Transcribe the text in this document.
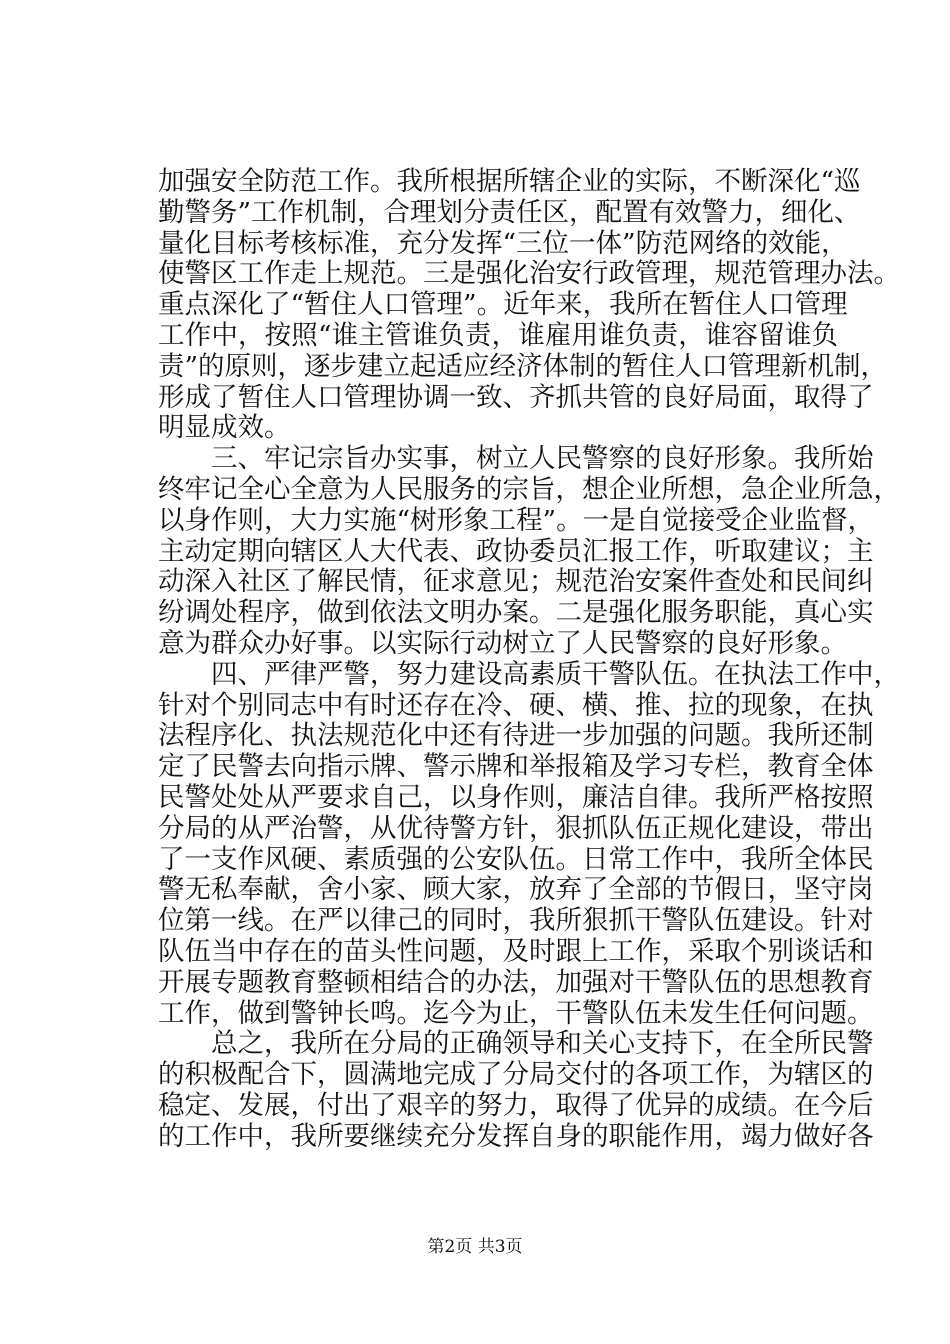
加强安全防范工作。我所根据所辖企业的实际，不断深化“巡
勤警务”工作机制，合理划分责任区，配置有效警力，细化、
量化目标考核标准，充分发挥“三位一体”防范网络的效能，
使警区工作走上规范。三是强化治安行政管理，规范管理办法。
重点深化了“暂住人口管理”。近年来，我所在暂住人口管理
工作中，按照“谁主管谁负责，谁雇用谁负责，谁容留谁负
责”的原则，逐步建立起适应经济体制的暂住人口管理新机制，
形成了暂住人口管理协调一致、齐抓共管的良好局面，取得了
明显成效。
三、牢记宗旨办实事，树立人民警察的良好形象。我所始
终牢记全心全意为人民服务的宗旨，想企业所想，急企业所急，
以身作则，大力实施“树形象工程”。一是自觉接受企业监督，
主动定期向辖区人大代表、政协委员汇报工作，听取建议；主
动深入社区了解民情，征求意见；规范治安案件查处和民间纠
纷调处程序，做到依法文明办案。二是强化服务职能，真心实
意为群众办好事。以实际行动树立了人民警察的良好形象。
四、严律严警，努力建设高素质干警队伍。在执法工作中，
针对个别同志中有时还存在冷、硬、横、推、拉的现象，在执
法程序化、执法规范化中还有待进一步加强的问题。我所还制
定了民警去向指示牌、警示牌和举报箱及学习专栏，教育全体
民警处处从严要求自己，以身作则，廉洁自律。我所严格按照
分局的从严治警，从优待警方针，狠抓队伍正规化建设，带出
了一支作风硬、素质强的公安队伍。日常工作中，我所全体民
警无私奉献，舍小家、顾大家，放弃了全部的节假日，坚守岗
位第一线。在严以律己的同时，我所狠抓干警队伍建设。针对
队伍当中存在的苗头性问题，及时跟上工作，采取个别谈话和
开展专题教育整顿相结合的办法，加强对干警队伍的思想教育
工作，做到警钟长鸣。迄今为止，干警队伍未发生任何问题。
总之，我所在分局的正确领导和关心支持下，在全所民警
的积极配合下，圆满地完成了分局交付的各项工作，为辖区的
稳定、发展，付出了艰辛的努力，取得了优异的成绩。在今后
的工作中，我所要继续充分发挥自身的职能作用，竭力做好各
第2页 共3页
